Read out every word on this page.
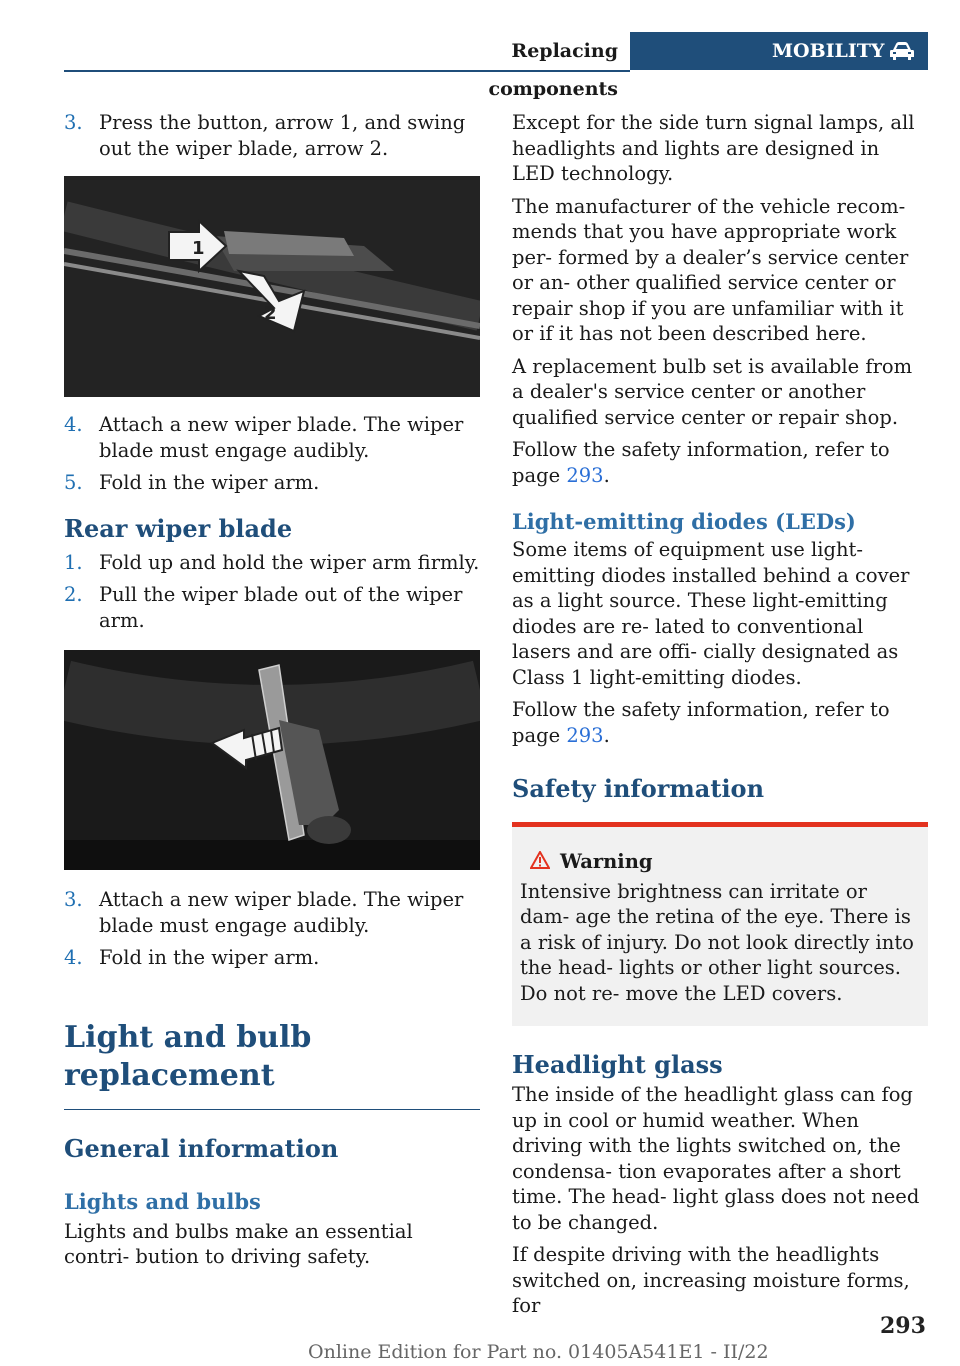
Replacing components
MOBILITY
3. Press the button, arrow 1, and swing out the wiper blade, arrow 2.

1
2
4. Attach a new wiper blade. The wiper blade must engage audibly.

5. Fold in the wiper arm.

Rear wiper blade
1. Fold up and hold the wiper arm firmly.

2. Pull the wiper blade out of the wiper arm.

3. Attach a new wiper blade. The wiper blade must engage audibly.

4. Fold in the wiper arm.

Light and bulb replacement
General information
Lights and bulbs

Lights and bulbs make an essential contri‐ bution to driving safety.

Except for the side turn signal lamps, all headlights and lights are designed in LED technology.

The manufacturer of the vehicle recom‐ mends that you have appropriate work per‐ formed by a dealer’s service center or an‐ other qualified service center or repair shop if you are unfamiliar with it or if it has not been described here.

A replacement bulb set is available from a dealer's service center or another qualified service center or repair shop.

Follow the safety information, refer to page 293.

Light-emitting diodes (LEDs)

Some items of equipment use light-emitting diodes installed behind a cover as a light source. These light-emitting diodes are re‐ lated to conventional lasers and are offi‐ cially designated as Class 1 light-emitting diodes.

Follow the safety information, refer to page 293.

Safety information
Warning

Intensive brightness can irritate or dam‐ age the retina of the eye. There is a risk of injury. Do not look directly into the head‐ lights or other light sources. Do not re‐ move the LED covers.

Headlight glass

The inside of the headlight glass can fog up in cool or humid weather. When driving with the lights switched on, the condensa‐ tion evaporates after a short time. The head‐ light glass does not need to be changed.

If despite driving with the headlights switched on, increasing moisture forms, for

293
Online Edition for Part no. 01405A541E1 - II/22
